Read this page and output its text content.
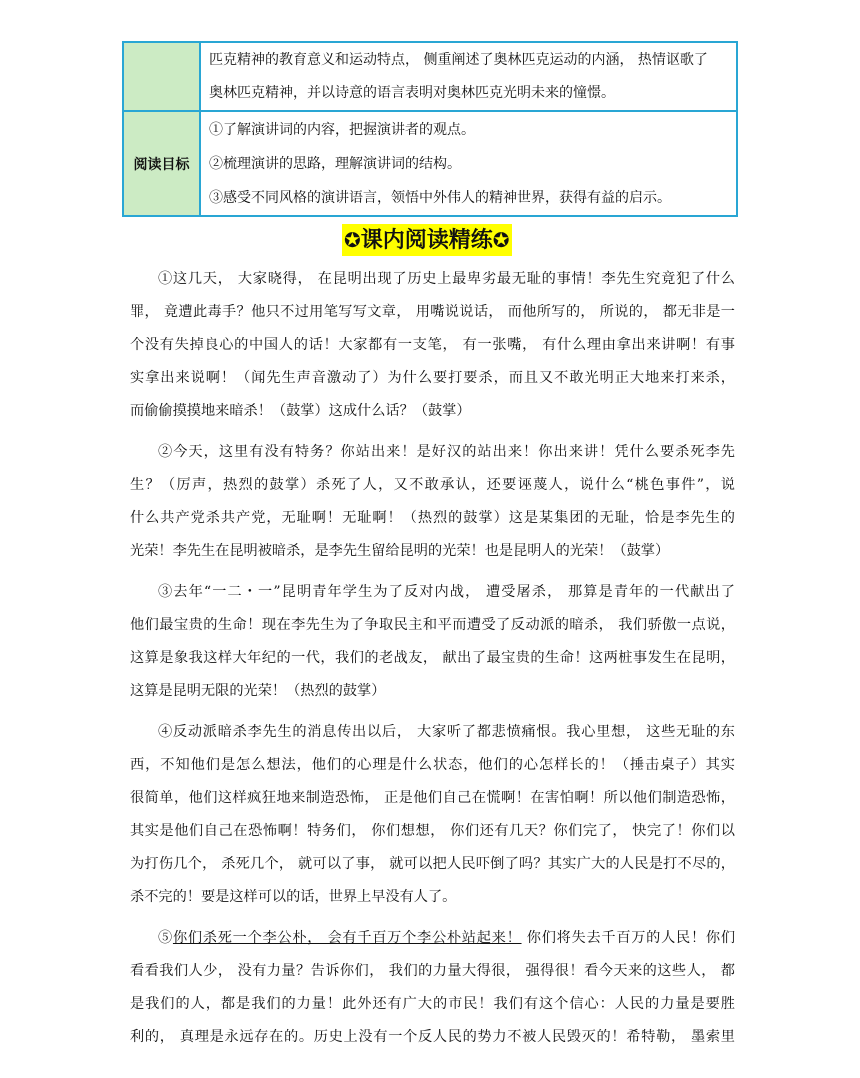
	匹克精神的教育意义和运动特点， 侧重阐述了奥林匹克运动的内涵， 热情讴歌了
奥林匹克精神，并以诗意的语言表明对奥林匹克光明未来的憧憬。

阅读目标	①了解演讲词的内容，把握演讲者的观点。
②梳理演讲的思路，理解演讲词的结构。
③感受不同风格的演讲语言，领悟中外伟人的精神世界，获得有益的启示。
✪课内阅读精练✪
①这几天， 大家晓得， 在昆明出现了历史上最卑劣最无耻的事情！李先生究竟犯了什么
罪， 竟遭此毒手？他只不过用笔写写文章， 用嘴说说话， 而他所写的， 所说的， 都无非是一
个没有失掉良心的中国人的话！大家都有一支笔， 有一张嘴， 有什么理由拿出来讲啊！有事
实拿出来说啊！（闻先生声音激动了）为什么要打要杀，而且又不敢光明正大地来打来杀，
而偷偷摸摸地来暗杀！（鼓掌）这成什么话？（鼓掌）
②今天，这里有没有特务？你站出来！是好汉的站出来！你出来讲！凭什么要杀死李先
生？（厉声，热烈的鼓掌）杀死了人，又不敢承认，还要诬蔑人，说什么“桃色事件”，说
什么共产党杀共产党，无耻啊！无耻啊！（热烈的鼓掌）这是某集团的无耻，恰是李先生的
光荣！李先生在昆明被暗杀，是李先生留给昆明的光荣！也是昆明人的光荣！（鼓掌）
③去年“一二・一”昆明青年学生为了反对内战， 遭受屠杀， 那算是青年的一代献出了
他们最宝贵的生命！现在李先生为了争取民主和平而遭受了反动派的暗杀， 我们骄傲一点说，
这算是象我这样大年纪的一代，我们的老战友， 献出了最宝贵的生命！这两桩事发生在昆明，
这算是昆明无限的光荣！（热烈的鼓掌）
④反动派暗杀李先生的消息传出以后， 大家听了都悲愤痛恨。我心里想， 这些无耻的东
西，不知他们是怎么想法，他们的心理是什么状态，他们的心怎样长的！（捶击桌子）其实
很简单，他们这样疯狂地来制造恐怖， 正是他们自己在慌啊！在害怕啊！所以他们制造恐怖，
其实是他们自己在恐怖啊！特务们， 你们想想， 你们还有几天？你们完了， 快完了！你们以
为打伤几个， 杀死几个， 就可以了事， 就可以把人民吓倒了吗？其实广大的人民是打不尽的，
杀不完的！要是这样可以的话，世界上早没有人了。
⑤你们杀死一个李公朴， 会有千百万个李公朴站起来！ 你们将失去千百万的人民！你们
看看我们人少， 没有力量？告诉你们， 我们的力量大得很， 强得很！看今天来的这些人， 都
是我们的人，都是我们的力量！此外还有广大的市民！我们有这个信心：人民的力量是要胜
利的， 真理是永远存在的。历史上没有一个反人民的势力不被人民毁灭的！希特勒， 墨索里
